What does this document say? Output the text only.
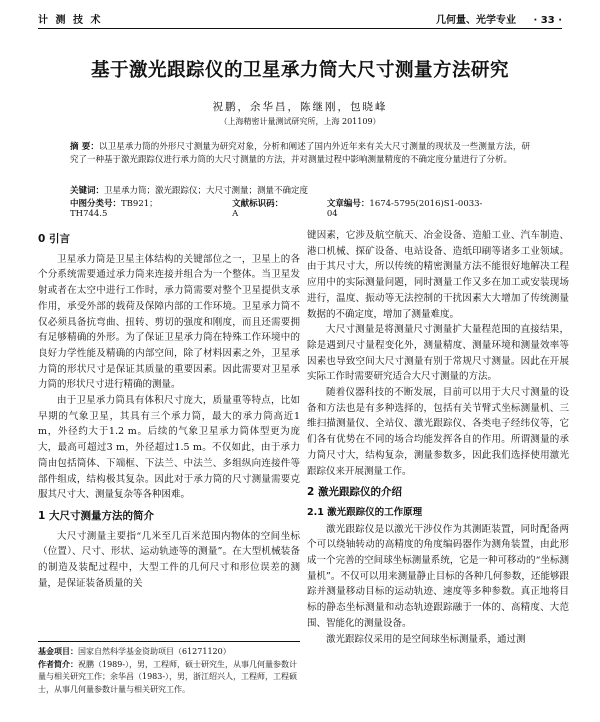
计 测 技 术	几何量、光学专业 · 33 ·
基于激光跟踪仪的卫星承力筒大尺寸测量方法研究
祝鹏，余华昌，陈继刚，包晓峰
（上海精密计量测试研究所，上海 201109）
摘 要：以卫星承力筒的外形尺寸测量为研究对象，分析和阐述了国内外近年来有关大尺寸测量的现状及一些测量方法，研究了一种基于激光跟踪仪进行承力筒的大尺寸测量的方法，并对测量过程中影响测量精度的不确定度分量进行了分析。
关键词：卫星承力筒；激光跟踪仪；大尺寸测量；测量不确定度
中图分类号：TB921；TH744.5
文献标识码：A
文章编号：1674-5795(2016)S1-0033-04
0 引言

卫星承力筒是卫星主体结构的关键部位之一，卫星上的各个分系统需要通过承力筒来连接并组合为一个整体。当卫星发射或者在太空中进行工作时，承力筒需要对整个卫星提供支承作用，承受外部的载荷及保障内部的工作环境。卫星承力筒不仅必须具备抗弯曲、扭转、剪切的强度和刚度，而且还需要拥有足够精确的外形。为了保证卫星承力筒在特殊工作环境中的良好力学性能及精确的内部空间，除了材料因素之外，卫星承力筒的形状尺寸是保证其质量的重要因素。因此需要对卫星承力筒的形状尺寸进行精确的测量。

由于卫星承力筒具有体积尺寸庞大，质量重等特点，比如早期的气象卫星，其具有三个承力筒，最大的承力筒高近1 m，外径约大于1.2 m。后续的气象卫星承力筒体型更为庞大，最高可超过3 m，外径超过1.5 m。不仅如此，由于承力筒由包括筒体、下端框、下法兰、中法兰、多组纵向连接件等部件组成，结构极其复杂。因此对于承力筒的尺寸测量需要克服其尺寸大、测量复杂等各种困难。

1 大尺寸测量方法的简介

大尺寸测量主要指“几米至几百米范围内物体的空间坐标（位置）、尺寸、形状、运动轨迹等的测量”。在大型机械装备的制造及装配过程中，大型工件的几何尺寸和形位误差的测量，是保证装备质量的关

基金项目：国家自然科学基金资助项目（61271120）
作者简介：祝鹏（1989-），男，工程师，硕士研究生，从事几何量参数计量与相关研究工作；余华昌（1983-），男，浙江绍兴人，工程师，工程硕士，从事几何量参数计量与相关研究工作。

键因素，它涉及航空航天、冶金设备、造船工业、汽车制造、港口机械、探矿设备、电站设备、造纸印刷等诸多工业领域。由于其尺寸大，所以传统的精密测量方法不能很好地解决工程应用中的实际测量问题，同时测量工作又多在加工或安装现场进行，温度、振动等无法控制的干扰因素大大增加了传统测量数据的不确定度，增加了测量难度。

大尺寸测量是将测量尺寸测量扩大量程范围的直接结果，除是遇到尺寸量程变化外，测量精度、测量环境和测量效率等因素也导致空间大尺寸测量有别于常规尺寸测量。因此在开展实际工作时需要研究适合大尺寸测量的方法。

随着仪器科技的不断发展，目前可以用于大尺寸测量的设备和方法也是有多种选择的，包括有关节臂式坐标测量机、三维扫描测量仪、全站仪、激光跟踪仪、各类电子经纬仪等，它们各有优势在不同的场合均能发挥各自的作用。所谓测量的承力筒尺寸大，结构复杂，测量参数多，因此我们选择使用激光跟踪仪来开展测量工作。

2 激光跟踪仪的介绍
2.1 激光跟踪仪的工作原理

激光跟踪仪是以激光干涉仪作为其测距装置，同时配备两个可以绕轴转动的高精度的角度编码器作为测角装置，由此形成一个完善的空间球坐标测量系统，它是一种可移动的“坐标测量机”。不仅可以用来测量静止目标的各种几何参数，还能够跟踪并测量移动目标的运动轨迹、速度等多种参数。真正地将目标的静态坐标测量和动态轨迹跟踪融于一体的、高精度、大范围、智能化的测量设备。

激光跟踪仪采用的是空间球坐标测量系，通过测
